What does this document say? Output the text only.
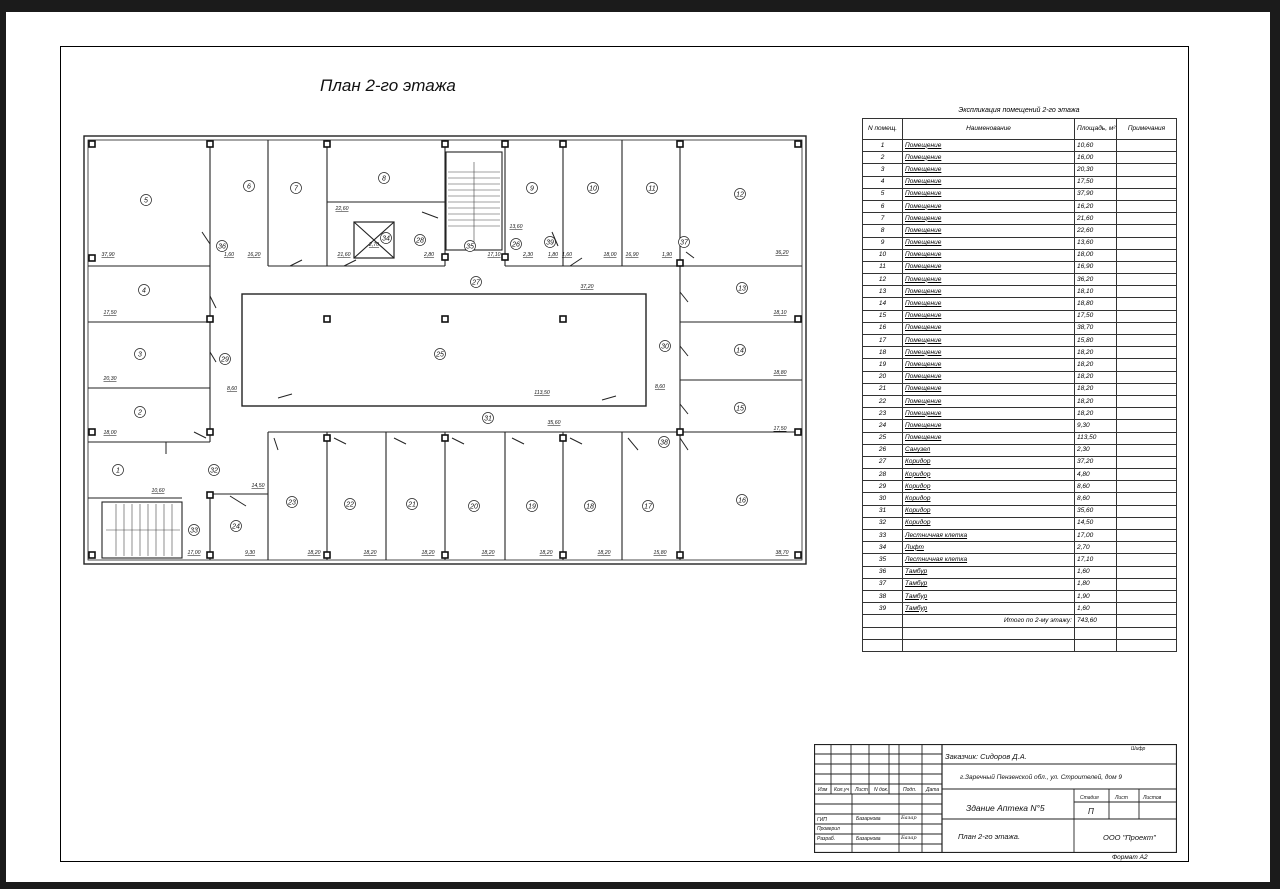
План 2-го этажа
1
2
3
4
5
6	7
8
9	10	11
12
13
14
15
16
17
18
19
20
21
22
23
24
25
26
27
28
29
30
31
32
33
34
35
36
37
38
39
37,90	16,20	21,60
22,60
17,10	2,30
13,60
1,80	18,00 16,90	1,90	36,20
17,50
20,30
18,00
10,60
18,10
18,80
17,50
38,70
15,80
18,20
18,20
18,20
18,20
18,20
18,20
9,30
17,00
14,50
8,60	8,60
113,50
35,60
37,20
1,60	1,60
2,80
2,70
Экспликация помещений 2-го этажа
N помещ.	Наименование	Площадь, м²	Примечания
1	Помещение	10,60	
2	Помещение	16,00	
3	Помещение	20,30	
4	Помещение	17,50	
5	Помещение	37,90	
6	Помещение	16,20	
7	Помещение	21,60	
8	Помещение	22,60	
9	Помещение	13,60	
10	Помещение	18,00	
11	Помещение	16,90	
12	Помещение	36,20	
13	Помещение	18,10	
14	Помещение	18,80	
15	Помещение	17,50	
16	Помещение	38,70	
17	Помещение	15,80	
18	Помещение	18,20	
19	Помещение	18,20	
20	Помещение	18,20	
21	Помещение	18,20	
22	Помещение	18,20	
23	Помещение	18,20	
24	Помещение	9,30	
25	Помещение	113,50	
26	Санузел	2,30	
27	Коридор	37,20	
28	Коридор	4,80	
29	Коридор	8,60	
30	Коридор	8,60	
31	Коридор	35,60	
32	Коридор	14,50	
33	Лестничная клетка	17,00	
34	Лифт	2,70	
35	Лестничная клетка	17,10	
36	Тамбур	1,60	
37	Тамбур	1,80	
38	Тамбур	1,90	
39	Тамбур	1,60	
	Итого по 2-му этажу:	743,60	

Изм Кол.уч Лист N док.	Подп. Дата
ГИП
Проверил
Разраб.
Базарнова
Базарнова
Базар
Базар
Заказчик: Сидоров Д.А.
Шифр
г.Заречный Пензенской обл., ул. Строителей, дом 9
Здание Аптека N°5
Стадия	Лист	Листов
П
План 2-го этажа.	ООО "Проект"
Формат А2
